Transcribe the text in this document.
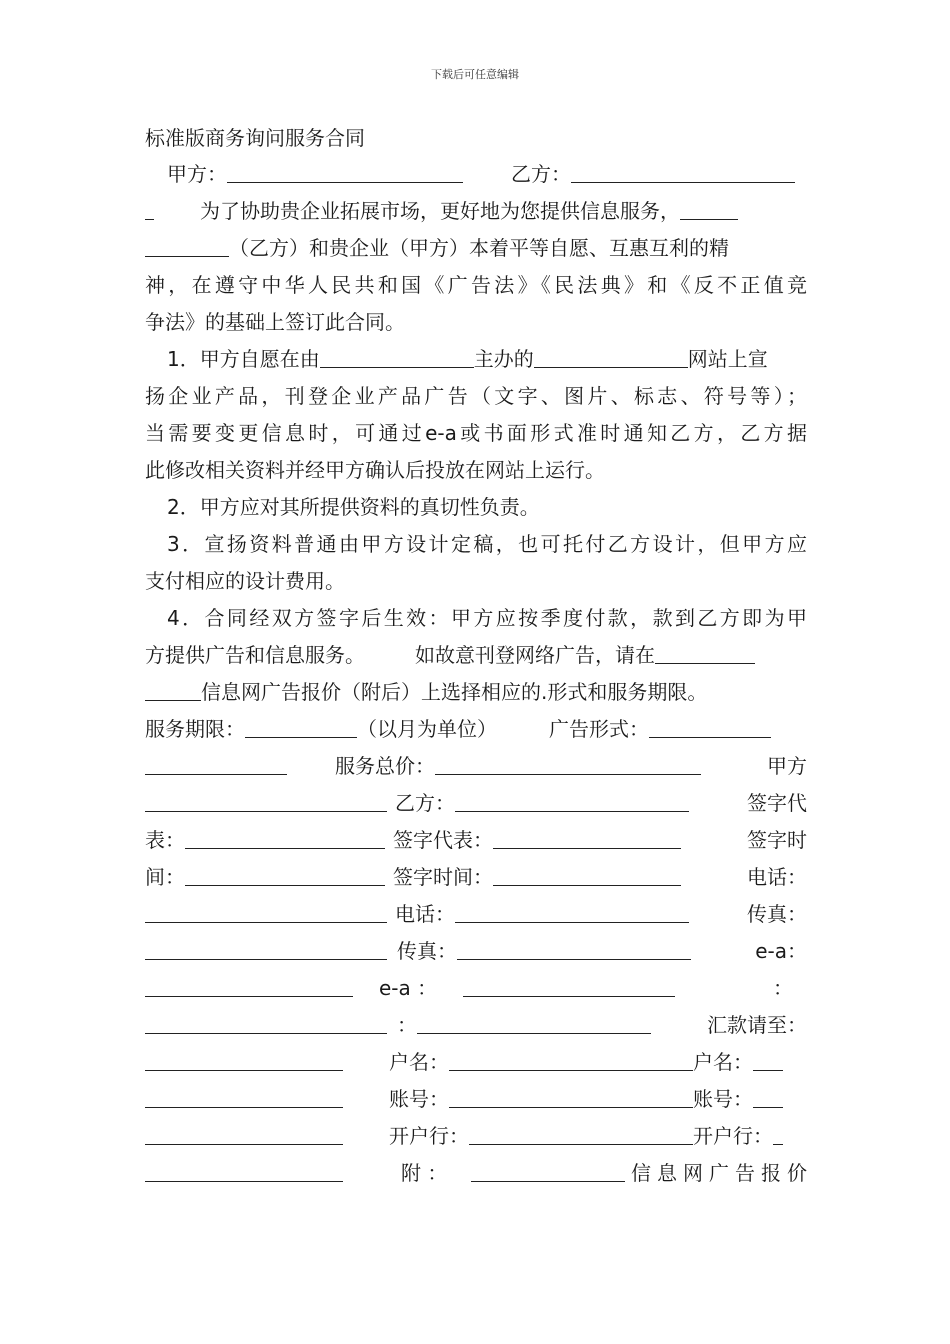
下载后可任意编辑
标准版商务询问服务合同
甲方：	乙方：
为了协助贵企业拓展市场，更好地为您提供信息服务，
（乙方）和贵企业（甲方）本着平等自愿、互惠互利的精
神，在遵守中华人民共和国《广告法》《民法典》和《反不正值竞
争法》的基础上签订此合同。
1．甲方自愿在由	主办的	网站上宣
扬企业产品，刊登企业产品广告（文字、图片、标志、符号等）；
当需要变更信息时，可通过e-a或书面形式准时通知乙方，乙方据
此修改相关资料并经甲方确认后投放在网站上运行。
2．甲方应对其所提供资料的真切性负责。
3．宣扬资料普通由甲方设计定稿，也可托付乙方设计，但甲方应
支付相应的设计费用。
4．合同经双方签字后生效：甲方应按季度付款，款到乙方即为甲
方提供广告和信息服务。	如故意刊登网络广告，请在
信息网广告报价（附后）上选择相应的.形式和服务期限。
服务期限：	（以月为单位）	广告形式：
服务总价：	甲方
乙方：	签字代
表：	签字代表：	签字时
间：	签字时间：	电话：
电话：	传真：
传真：	e-a：
e-a ：	：
：	汇款请至：
户名：	户名：
账号：	账号：
开户行：	开户行：
附 ：	信息网广告报价
